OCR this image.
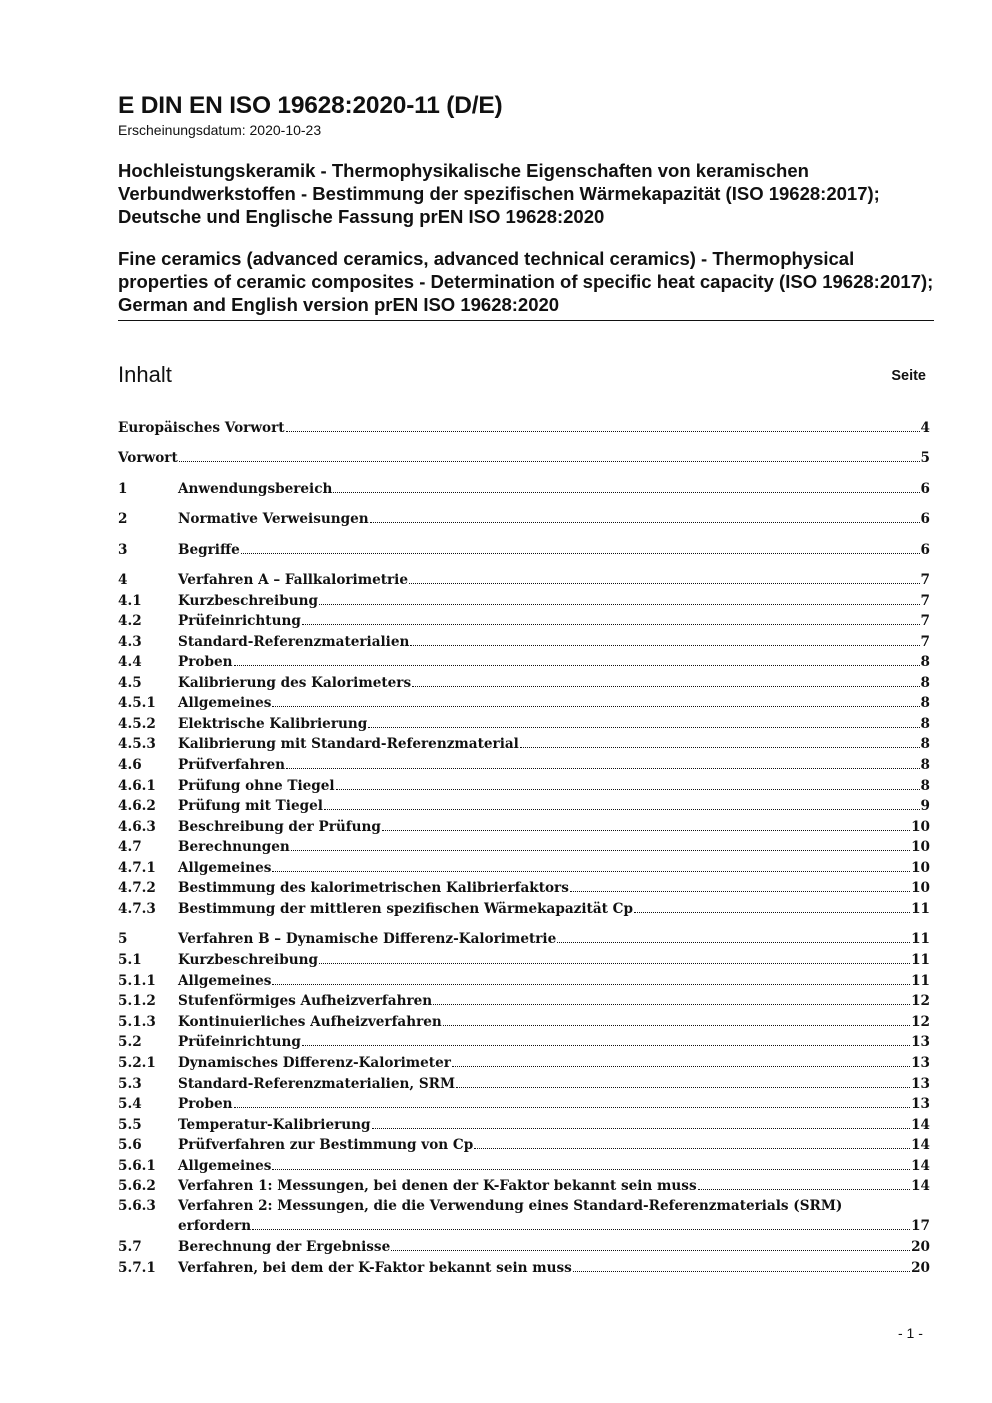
E DIN EN ISO 19628:2020-11 (D/E)

Erscheinungsdatum: 2020-10-23

Hochleistungskeramik - Thermophysikalische Eigenschaften von keramischen Verbundwerkstoffen - Bestimmung der spezifischen Wärmekapazität (ISO 19628:2017); Deutsche und Englische Fassung prEN ISO 19628:2020

Fine ceramics (advanced ceramics, advanced technical ceramics) - Thermophysical properties of ceramic composites - Determination of specific heat capacity (ISO 19628:2017); German and English version prEN ISO 19628:2020

Inhalt	Seite
Europäisches Vorwort	4
Vorwort	5
1	Anwendungsbereich	6
2	Normative Verweisungen	6
3	Begriffe	6
4	Verfahren A – Fallkalorimetrie	7
4.1	Kurzbeschreibung	7
4.2	Prüfeinrichtung	7
4.3	Standard-Referenzmaterialien	7
4.4	Proben	8
4.5	Kalibrierung des Kalorimeters	8
4.5.1	Allgemeines	8
4.5.2	Elektrische Kalibrierung	8
4.5.3	Kalibrierung mit Standard-Referenzmaterial	8
4.6	Prüfverfahren	8
4.6.1	Prüfung ohne Tiegel	8
4.6.2	Prüfung mit Tiegel	9
4.6.3	Beschreibung der Prüfung	10
4.7	Berechnungen	10
4.7.1	Allgemeines	10
4.7.2	Bestimmung des kalorimetrischen Kalibrierfaktors	10
4.7.3	Bestimmung der mittleren spezifischen Wärmekapazität Cp	11
5	Verfahren B – Dynamische Differenz-Kalorimetrie	11
5.1	Kurzbeschreibung	11
5.1.1	Allgemeines	11
5.1.2	Stufenförmiges Aufheizverfahren	12
5.1.3	Kontinuierliches Aufheizverfahren	12
5.2	Prüfeinrichtung	13
5.2.1	Dynamisches Differenz-Kalorimeter	13
5.3	Standard-Referenzmaterialien, SRM	13
5.4	Proben	13
5.5	Temperatur-Kalibrierung	14
5.6	Prüfverfahren zur Bestimmung von Cp	14
5.6.1	Allgemeines	14
5.6.2	Verfahren 1: Messungen, bei denen der K-Faktor bekannt sein muss	14
5.6.3	Verfahren 2: Messungen, die die Verwendung eines Standard-Referenzmaterials (SRM)
erfordern	17
5.7	Berechnung der Ergebnisse	20
5.7.1	Verfahren, bei dem der K-Faktor bekannt sein muss	20
- 1 -
